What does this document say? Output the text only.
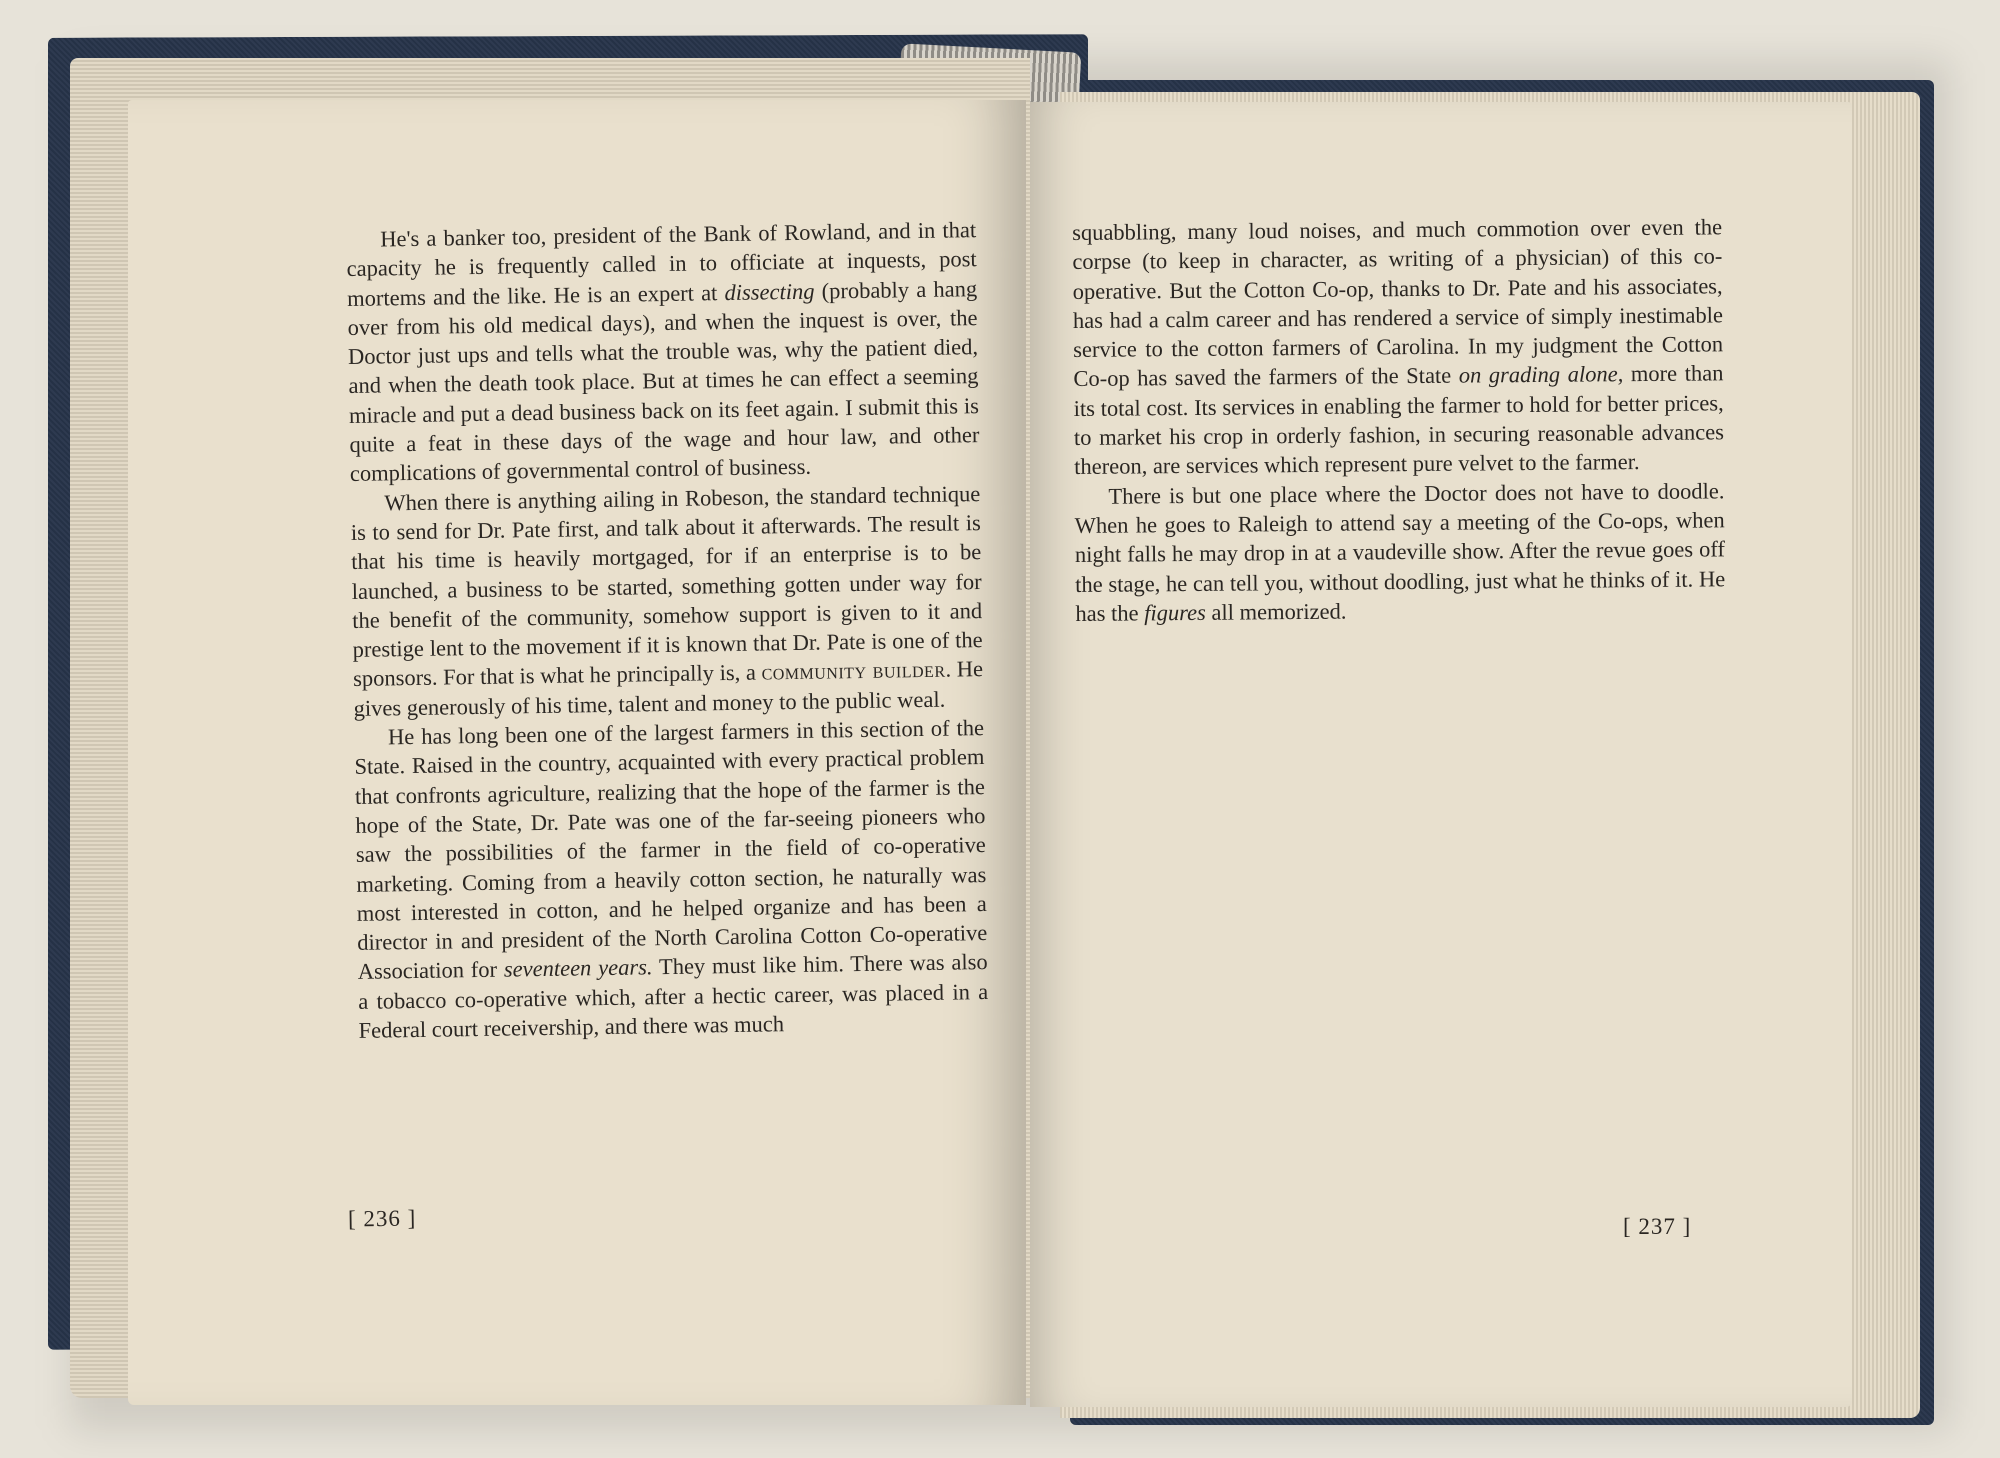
He's a banker too, president of the Bank of Rowland, and in that capacity he is frequently called in to officiate at inquests, post mortems and the like. He is an expert at dissecting (probably a hang over from his old medical days), and when the inquest is over, the Doctor just ups and tells what the trouble was, why the patient died, and when the death took place. But at times he can effect a seeming miracle and put a dead business back on its feet again. I submit this is quite a feat in these days of the wage and hour law, and other complications of governmental control of business.

When there is anything ailing in Robeson, the standard technique is to send for Dr. Pate first, and talk about it afterwards. The result is that his time is heavily mortgaged, for if an enterprise is to be launched, a business to be started, something gotten under way for the benefit of the community, somehow support is given to it and prestige lent to the movement if it is known that Dr. Pate is one of the sponsors. For that is what he principally is, a community builder. He gives generously of his time, talent and money to the public weal.

He has long been one of the largest farmers in this section of the State. Raised in the country, acquainted with every practical problem that confronts agriculture, realizing that the hope of the farmer is the hope of the State, Dr. Pate was one of the far-seeing pioneers who saw the possibilities of the farmer in the field of co-operative marketing. Coming from a heavily cotton section, he naturally was most interested in cotton, and he helped organize and has been a director in and president of the North Carolina Cotton Co-operative Association for seventeen years. They must like him. There was also a tobacco co-operative which, after a hectic career, was placed in a Federal court receivership, and there was much

[ 236 ]

squabbling, many loud noises, and much commotion over even the corpse (to keep in character, as writing of a physician) of this co-operative. But the Cotton Co-op, thanks to Dr. Pate and his associates, has had a calm career and has rendered a service of simply inestimable service to the cotton farmers of Carolina. In my judgment the Cotton Co-op has saved the farmers of the State on grading alone, more than its total cost. Its services in enabling the farmer to hold for better prices, to market his crop in orderly fashion, in securing reasonable advances thereon, are services which represent pure velvet to the farmer.

There is but one place where the Doctor does not have to doodle. When he goes to Raleigh to attend say a meeting of the Co-ops, when night falls he may drop in at a vaudeville show. After the revue goes off the stage, he can tell you, without doodling, just what he thinks of it. He has the figures all memorized.

[ 237 ]
